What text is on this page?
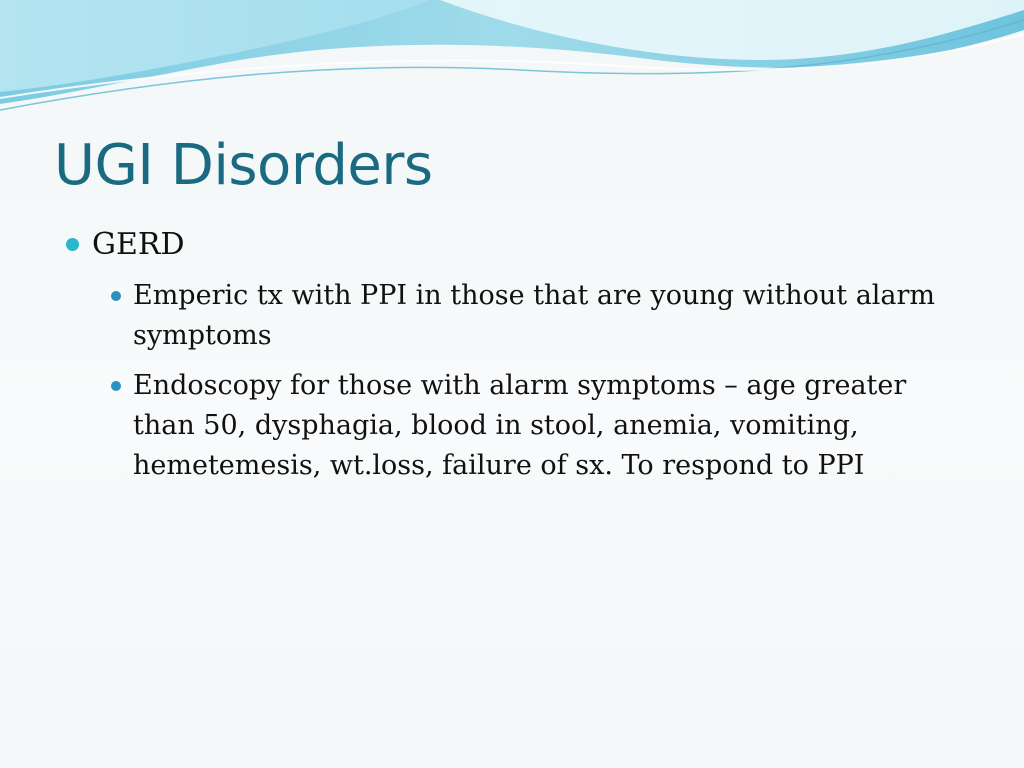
UGI Disorders
GERD
Emperic tx with PPI in those that are young without alarm symptoms
Endoscopy for those with alarm symptoms – age greater than 50, dysphagia, blood in stool, anemia, vomiting, hemetemesis, wt.loss, failure of sx. To respond to PPI
